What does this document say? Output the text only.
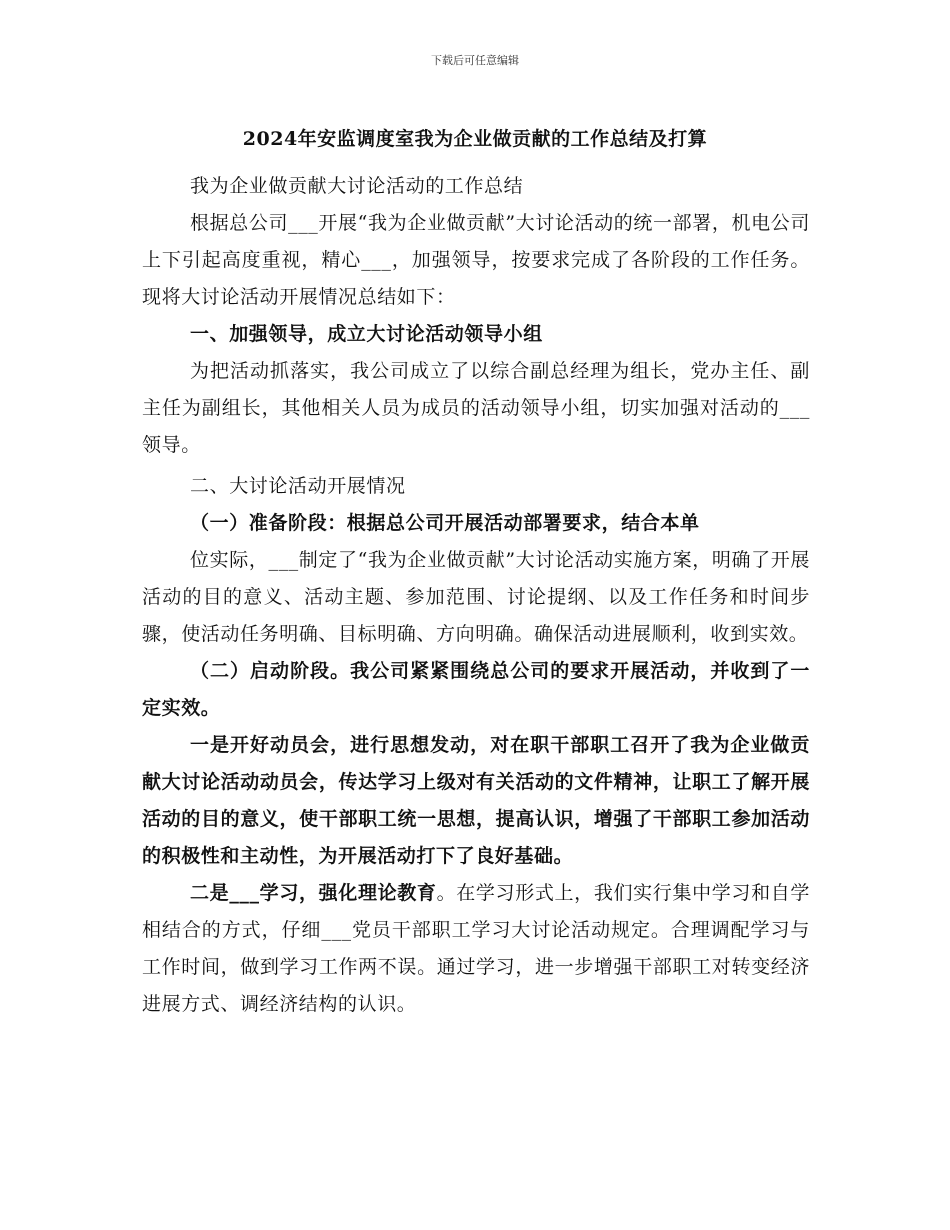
下载后可任意编辑
2024年安监调度室我为企业做贡献的工作总结及打算

我为企业做贡献大讨论活动的工作总结

根据总公司___开展“我为企业做贡献”大讨论活动的统一部署，机电公司上下引起高度重视，精心___，加强领导，按要求完成了各阶段的工作任务。现将大讨论活动开展情况总结如下：

一、加强领导，成立大讨论活动领导小组

为把活动抓落实，我公司成立了以综合副总经理为组长，党办主任、副主任为副组长，其他相关人员为成员的活动领导小组，切实加强对活动的___领导。

二、大讨论活动开展情况

（一）准备阶段：根据总公司开展活动部署要求，结合本单

位实际，___制定了“我为企业做贡献”大讨论活动实施方案，明确了开展活动的目的意义、活动主题、参加范围、讨论提纲、以及工作任务和时间步骤，使活动任务明确、目标明确、方向明确。确保活动进展顺利，收到实效。

（二）启动阶段。我公司紧紧围绕总公司的要求开展活动，并收到了一定实效。

一是开好动员会，进行思想发动，对在职干部职工召开了我为企业做贡献大讨论活动动员会，传达学习上级对有关活动的文件精神，让职工了解开展活动的目的意义，使干部职工统一思想，提高认识，增强了干部职工参加活动的积极性和主动性，为开展活动打下了良好基础。

二是___学习，强化理论教育。在学习形式上，我们实行集中学习和自学相结合的方式，仔细___党员干部职工学习大讨论活动规定。合理调配学习与工作时间，做到学习工作两不误。通过学习，进一步增强干部职工对转变经济进展方式、调经济结构的认识。
